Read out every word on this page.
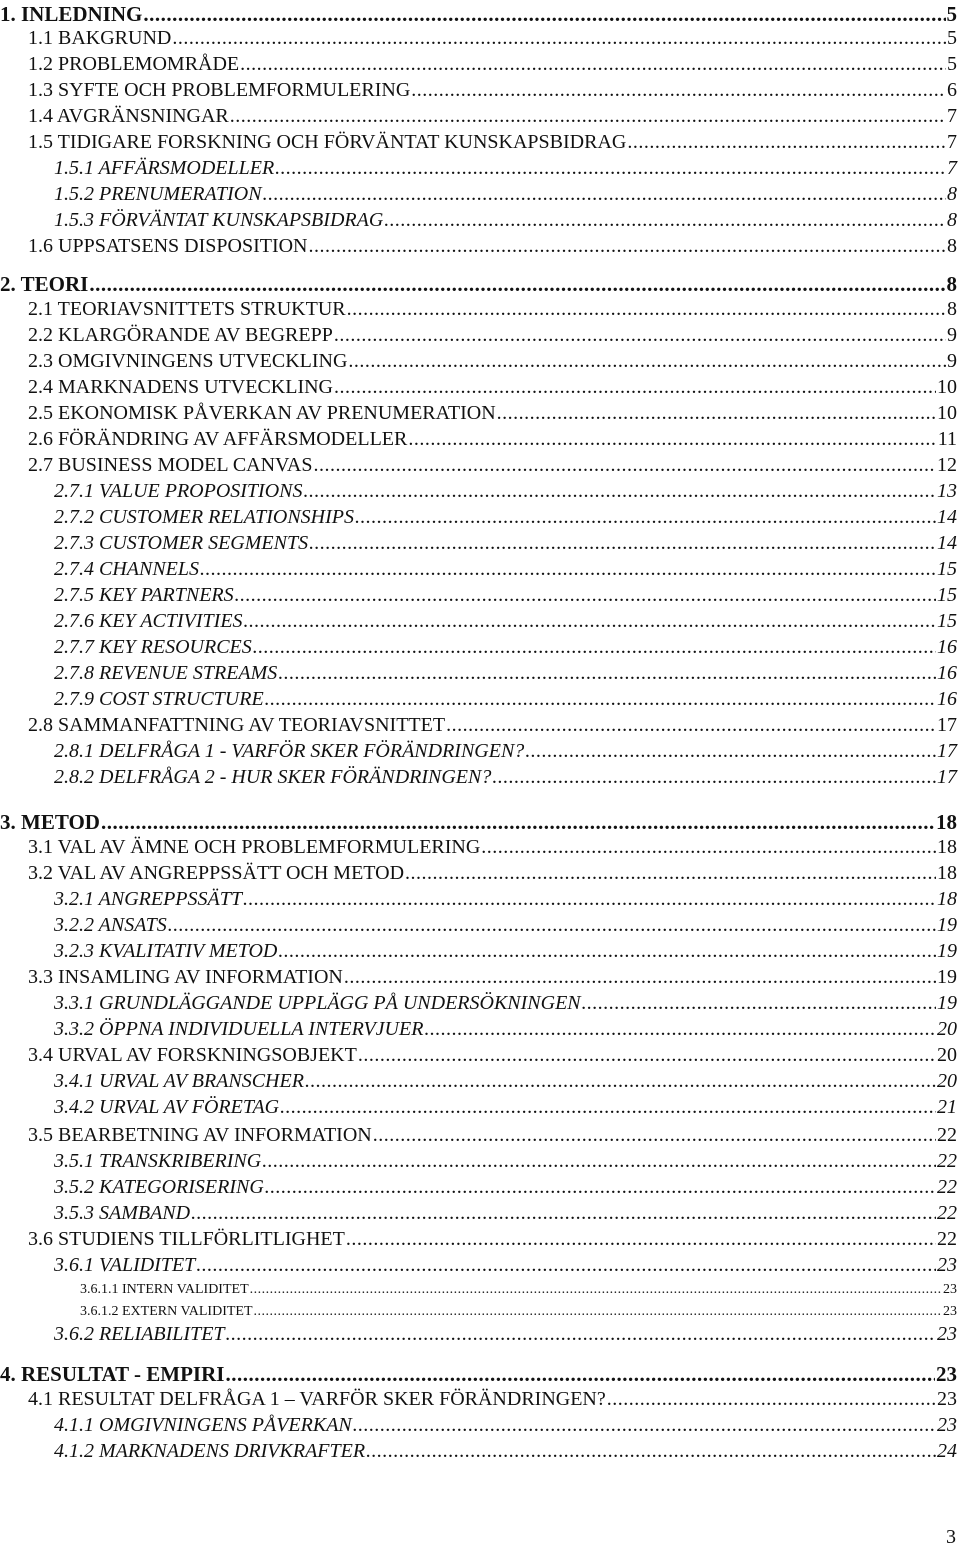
1. INLEDNING .....	5
1.1 BAKGRUND .....	5
1.2 PROBLEMOMRÅDE .....	5
1.3 SYFTE OCH PROBLEMFORMULERING .....	6
1.4 AVGRÄNSNINGAR .....	7
1.5 TIDIGARE FORSKNING OCH FÖRVÄNTAT KUNSKAPSBIDRAG .....	7
1.5.1 AFFÄRSMODELLER .....	7
1.5.2 PRENUMERATION .....	8
1.5.3 FÖRVÄNTAT KUNSKAPSBIDRAG .....	8
1.6 UPPSATSENS DISPOSITION .....	8
2. TEORI .....	8
2.1 TEORIAVSNITTETS STRUKTUR .....	8
2.2 KLARGÖRANDE AV BEGREPP .....	9
2.3 OMGIVNINGENS UTVECKLING .....	9
2.4 MARKNADENS UTVECKLING .....	10
2.5 EKONOMISK PÅVERKAN AV PRENUMERATION .....	10
2.6 FÖRÄNDRING AV AFFÄRSMODELLER .....	11
2.7 BUSINESS MODEL CANVAS .....	12
2.7.1 VALUE PROPOSITIONS .....	13
2.7.2 CUSTOMER RELATIONSHIPS .....	14
2.7.3 CUSTOMER SEGMENTS .....	14
2.7.4 CHANNELS .....	15
2.7.5 KEY PARTNERS .....	15
2.7.6 KEY ACTIVITIES .....	15
2.7.7 KEY RESOURCES .....	16
2.7.8 REVENUE STREAMS .....	16
2.7.9 COST STRUCTURE .....	16
2.8 SAMMANFATTNING AV TEORIAVSNITTET .....	17
2.8.1 DELFRÅGA 1 - VARFÖR SKER FÖRÄNDRINGEN? .....	17
2.8.2 DELFRÅGA 2 - HUR SKER FÖRÄNDRINGEN? .....	17
3. METOD .....	18
3.1 VAL AV ÄMNE OCH PROBLEMFORMULERING .....	18
3.2 VAL AV ANGREPPSSÄTT OCH METOD .....	18
3.2.1 ANGREPPSSÄTT .....	18
3.2.2 ANSATS .....	19
3.2.3 KVALITATIV METOD .....	19
3.3 INSAMLING AV INFORMATION .....	19
3.3.1 GRUNDLÄGGANDE UPPLÄGG PÅ UNDERSÖKNINGEN .....	19
3.3.2 ÖPPNA INDIVIDUELLA INTERVJUER .....	20
3.4 URVAL AV FORSKNINGSOBJEKT .....	20
3.4.1 URVAL AV BRANSCHER .....	20
3.4.2 URVAL AV FÖRETAG .....	21
3.5 BEARBETNING AV INFORMATION .....	22
3.5.1 TRANSKRIBERING .....	22
3.5.2 KATEGORISERING .....	22
3.5.3 SAMBAND .....	22
3.6 STUDIENS TILLFÖRLITLIGHET .....	22
3.6.1 VALIDITET .....	23
3.6.1.1 INTERN VALIDITET .....	23
3.6.1.2 EXTERN VALIDITET .....	23
3.6.2 RELIABILITET .....	23
4. RESULTAT - EMPIRI .....	23
4.1 RESULTAT DELFRÅGA 1 – VARFÖR SKER FÖRÄNDRINGEN? .....	23
4.1.1 OMGIVNINGENS PÅVERKAN .....	23
4.1.2 MARKNADENS DRIVKRAFTER .....	24
3
